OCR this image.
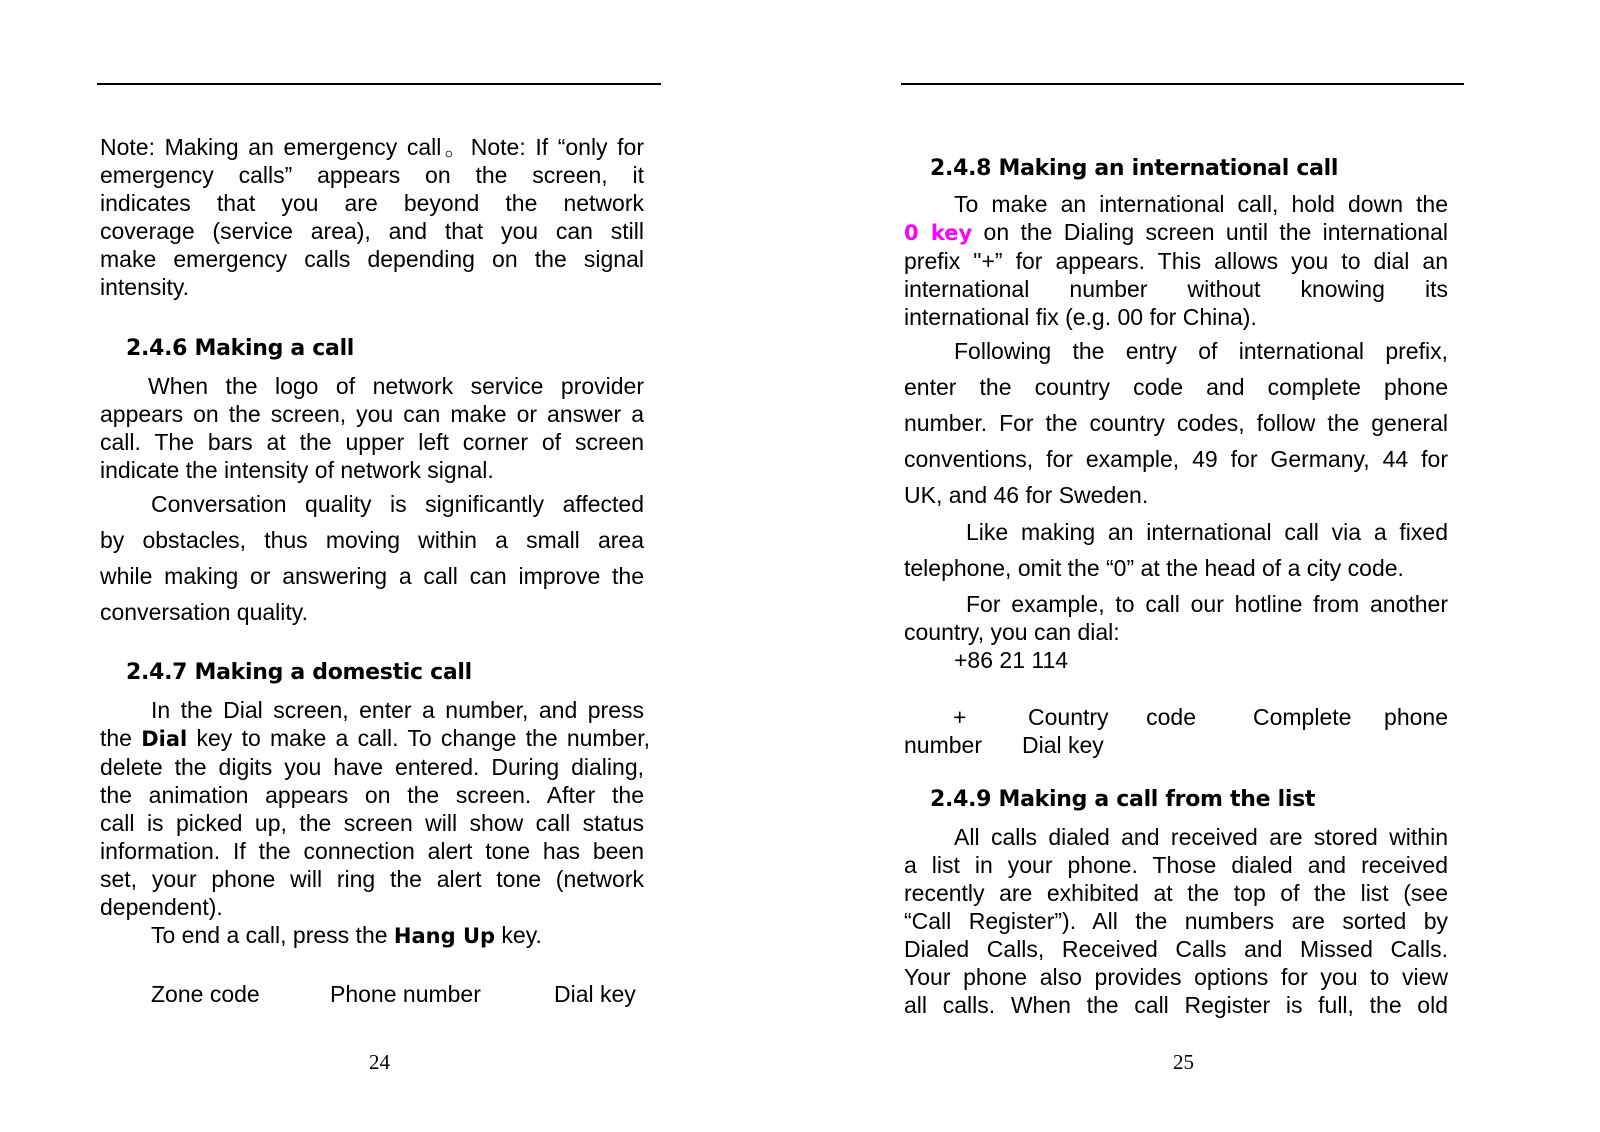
Note: Making an emergency call。Note: If “only for
emergency calls” appears on the screen, it
indicates that you are beyond the network
coverage (service area), and that you can still
make emergency calls depending on the signal
intensity.
2.4.6 Making a call
When the logo of network service provider
appears on the screen, you can make or answer a
call. The bars at the upper left corner of screen
indicate the intensity of network signal.
Conversation quality is significantly affected
by obstacles, thus moving within a small area
while making or answering a call can improve the
conversation quality.
2.4.7 Making a domestic call
In the Dial screen, enter a number, and press
the Dial key to make a call. To change the number,
delete the digits you have entered. During dialing,
the animation appears on the screen. After the
call is picked up, the screen will show call status
information. If the connection alert tone has been
set, your phone will ring the alert tone (network
dependent).
To end a call, press the Hang Up key.
Zone code	Phone number	Dial key
24
2.4.8 Making an international call
To make an international call, hold down the
0 key on the Dialing screen until the international
prefix "+” for appears. This allows you to dial an
international number without knowing its
international fix (e.g. 00 for China).
Following the entry of international prefix,
enter the country code and complete phone
number. For the country codes, follow the general
conventions, for example, 49 for Germany, 44 for
UK, and 46 for Sweden.
Like making an international call via a fixed
telephone, omit the “0” at the head of a city code.
For example, to call our hotline from another
country, you can dial:
+86 21 114
+	Country code Complete phone
number Dial key
2.4.9 Making a call from the list
All calls dialed and received are stored within
a list in your phone. Those dialed and received
recently are exhibited at the top of the list (see
“Call Register”). All the numbers are sorted by
Dialed Calls, Received Calls and Missed Calls.
Your phone also provides options for you to view
all calls. When the call Register is full, the old
25
